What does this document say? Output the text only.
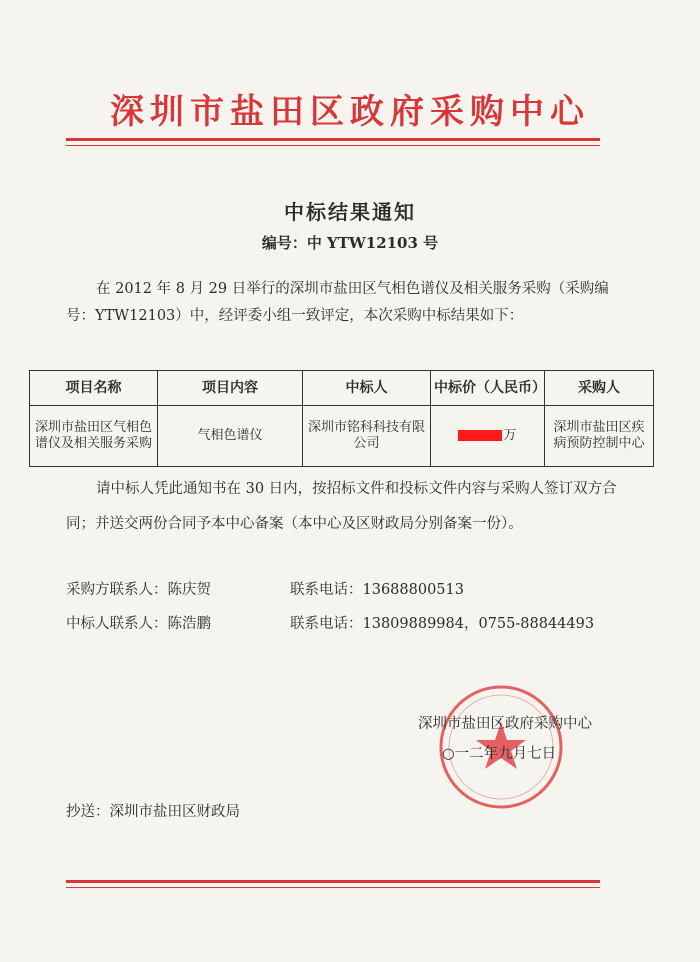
深圳市盐田区政府采购中心
中标结果通知
编号：中 YTW12103 号
在 2012 年 8 月 29 日举行的深圳市盐田区气相色谱仪及相关服务采购（采购编号：YTW12103）中，经评委小组一致评定，本次采购中标结果如下：
项目名称	项目内容	中标人	中标价（人民币）	采购人
深圳市盐田区气相色谱仪及相关服务采购	气相色谱仪	深圳市铭科科技有限公司	万	深圳市盐田区疾病预防控制中心
请中标人凭此通知书在 30 日内，按招标文件和投标文件内容与采购人签订双方合同；并送交两份合同予本中心备案（本中心及区财政局分别备案一份）。
采购方联系人：陈庆贺	联系电话：13688800513
中标人联系人：陈浩鹏	联系电话：13809889984，0755-88844493
深圳市盐田区政府采购中心
○一二年九月七日
抄送：深圳市盐田区财政局
